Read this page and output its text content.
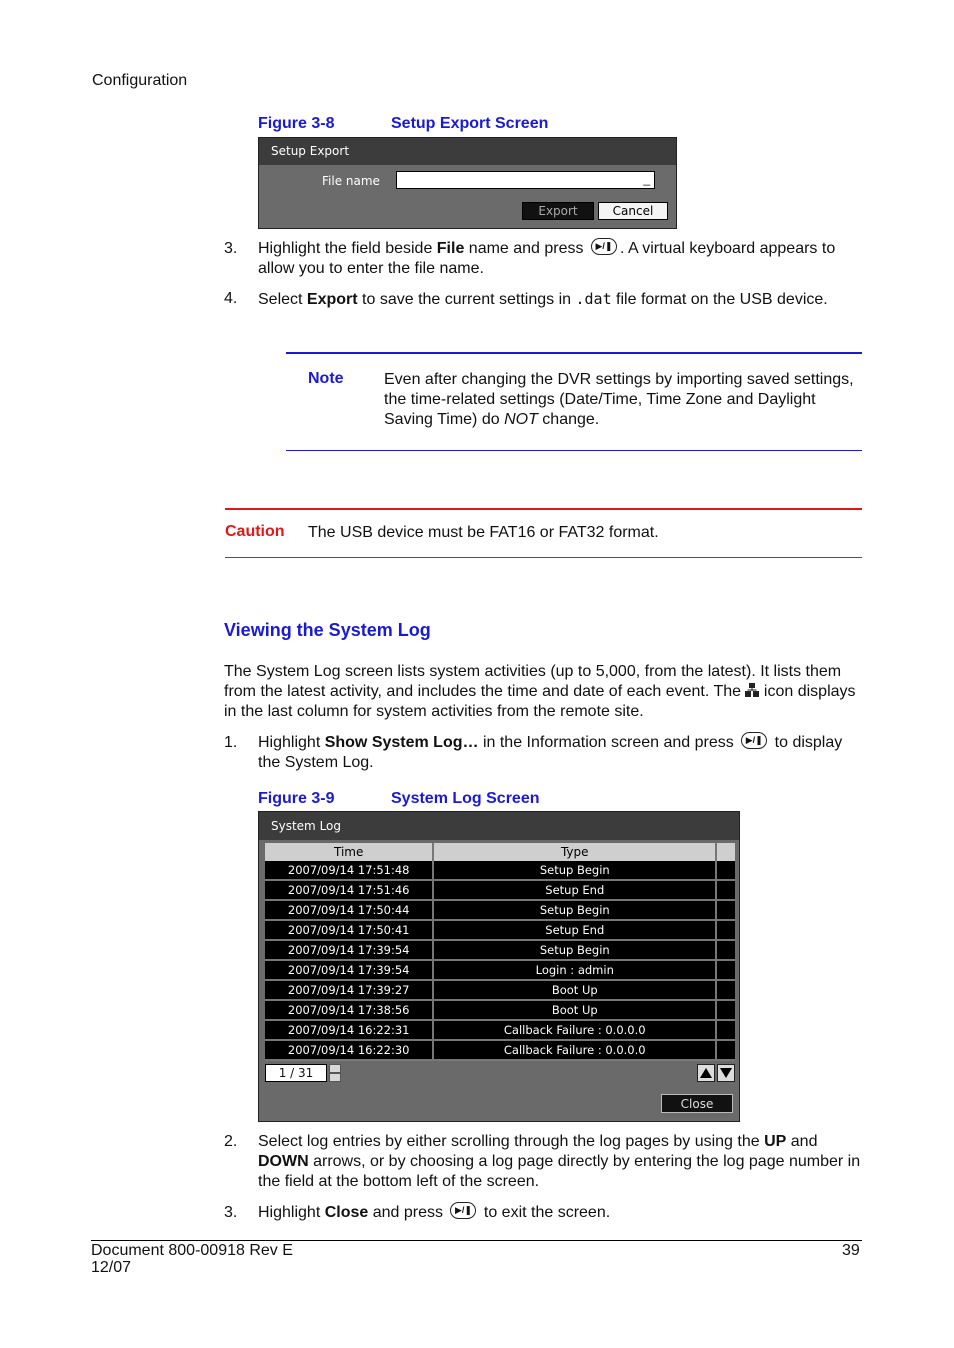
Configuration
Figure 3-8	Setup Export Screen
Setup Export
File name	_
Export	Cancel
3. Highlight the field beside File name and press ▶/❚ . A virtual keyboard appears to allow you to enter the file name.
4. Select Export to save the current settings in .dat file format on the USB device.
Note	Even after changing the DVR settings by importing saved settings, the time-related settings (Date/Time, Time Zone and Daylight Saving Time) do NOT change.
Caution The USB device must be FAT16 or FAT32 format.
Viewing the System Log
The System Log screen lists system activities (up to 5,000, from the latest). It lists them from the latest activity, and includes the time and date of each event. The  icon displays in the last column for system activities from the remote site.
1. Highlight Show System Log… in the Information screen and press ▶/❚ to display the System Log.
Figure 3-9	System Log Screen
System Log
Time	Type	
2007/09/14 17:51:48	Setup Begin	
2007/09/14 17:51:46	Setup End	
2007/09/14 17:50:44	Setup Begin	
2007/09/14 17:50:41	Setup End	
2007/09/14 17:39:54	Setup Begin	
2007/09/14 17:39:54	Login : admin	
2007/09/14 17:39:27	Boot Up	
2007/09/14 17:38:56	Boot Up	
2007/09/14 16:22:31	Callback Failure : 0.0.0.0	
2007/09/14 16:22:30	Callback Failure : 0.0.0.0	
1 / 31
Close
2. Select log entries by either scrolling through the log pages by using the UP and DOWN arrows, or by choosing a log page directly by entering the log page number in the field at the bottom left of the screen.
3. Highlight Close and press ▶/❚ to exit the screen.
Document 800-00918 Rev E
12/07
39
